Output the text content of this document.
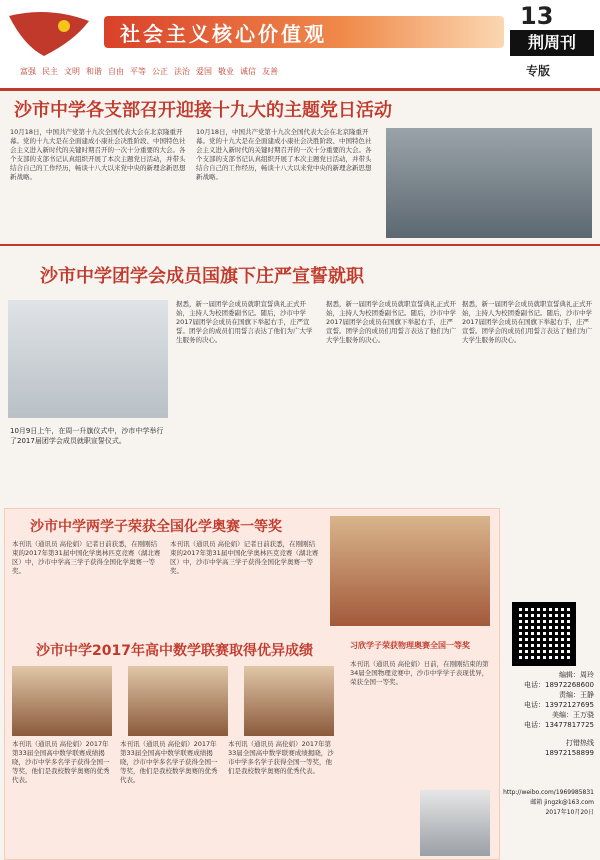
社会主义核心价值观
富强 民主 文明 和谐 自由 平等 公正 法治 爱国 敬业 诚信 友善
13
荆周刊
专版
沙市中学各支部召开迎接十九大的主题党日活动
10月18日，中国共产党第十九次全国代表大会在北京隆重开幕。党的十九大是在全面建成小康社会决胜阶段、中国特色社会主义进入新时代的关键时期召开的一次十分重要的大会。各个支部的支部书记认真组织开展了本次主题党日活动，并带头结合自己的工作经历，畅谈十八大以来党中央的新理念新思想新战略。
10月18日，中国共产党第十九次全国代表大会在北京隆重开幕。党的十九大是在全面建成小康社会决胜阶段、中国特色社会主义进入新时代的关键时期召开的一次十分重要的大会。各个支部的支部书记认真组织开展了本次主题党日活动，并带头结合自己的工作经历，畅谈十八大以来党中央的新理念新思想新战略。
沙市中学团学会成员国旗下庄严宣誓就职
10月9日上午，在周一升旗仪式中，沙市中学举行了2017届团学会成员就职宣誓仪式。
据悉，新一届团学会成员就职宣誓典礼正式开始，主持人为校团委副书记。随后，沙市中学2017届团学会成员在国旗下举起右手，庄严宣誓。团学会的成员们用誓言表达了他们为广大学生服务的决心。
据悉，新一届团学会成员就职宣誓典礼正式开始，主持人为校团委副书记。随后，沙市中学2017届团学会成员在国旗下举起右手，庄严宣誓。团学会的成员们用誓言表达了他们为广大学生服务的决心。
据悉，新一届团学会成员就职宣誓典礼正式开始，主持人为校团委副书记。随后，沙市中学2017届团学会成员在国旗下举起右手，庄严宣誓。团学会的成员们用誓言表达了他们为广大学生服务的决心。
沙市中学两学子荣获全国化学奥赛一等奖
本刊讯（通讯员 高伦娟）记者日前获悉，在刚刚结束的2017年第31届中国化学奥林匹克竞赛（湖北赛区）中，沙市中学高三学子获得全国化学奥赛一等奖。
本刊讯（通讯员 高伦娟）记者日前获悉，在刚刚结束的2017年第31届中国化学奥林匹克竞赛（湖北赛区）中，沙市中学高三学子获得全国化学奥赛一等奖。
沙市中学2017年高中数学联赛取得优异成绩
本刊讯（通讯员 高伦娟）2017年第33届全国高中数学联赛成绩揭晓，沙市中学多名学子获得全国一等奖，他们是我校数学奥赛的优秀代表。
本刊讯（通讯员 高伦娟）2017年第33届全国高中数学联赛成绩揭晓，沙市中学多名学子获得全国一等奖，他们是我校数学奥赛的优秀代表。
本刊讯（通讯员 高伦娟）2017年第33届全国高中数学联赛成绩揭晓，沙市中学多名学子获得全国一等奖，他们是我校数学奥赛的优秀代表。
习欣学子荣获物理奥赛全国一等奖
本刊讯（通讯员 高伦娟）日前，在刚刚结束的第34届全国物理竞赛中，沙市中学学子表现优异，荣获全国一等奖。
编辑：周玲
电话：18972268600
责编：王静
电话：13972127695
美编：王万骁
电话：13477817725
打错热线
18972158899
http://weibo.com/1969985831
邮箱 jingzk@163.com
2017年10月20日
